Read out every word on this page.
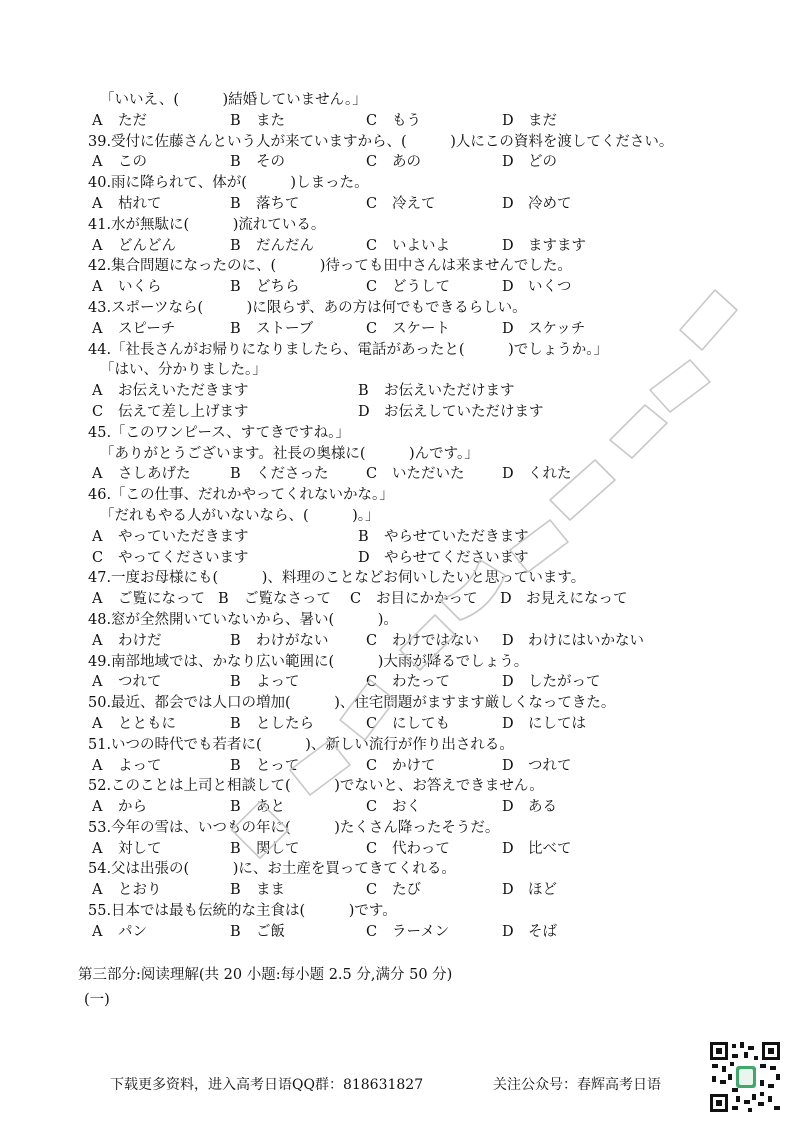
「いいえ、(　　　)結婚していません。」
A ただ	B また	C もう	D まだ
39.受付に佐藤さんという人が来ていますから、(　　　)人にこの資料を渡してください。
A この	B その	C あの	D どの
40.雨に降られて、体が(　　　)しまった。
A 枯れて	B 落ちて	C 冷えて	D 冷めて
41.水が無駄に(　　　)流れている。
A どんどん	B だんだん	C いよいよ	D ますます
42.集合問題になったのに、(　　　)待っても田中さんは来ませんでした。
A いくら	B どちら	C どうして	D いくつ
43.スポーツなら(　　　)に限らず、あの方は何でもできるらしい。
A スピーチ	B ストーブ	C スケート	D スケッチ
44.「社長さんがお帰りになりましたら、電話があったと(　　　)でしょうか。」
「はい、分かりました。」
A お伝えいただきます	B お伝えいただけます
C 伝えて差し上げます	D お伝えしていただけます
45.「このワンピース、すてきですね。」
「ありがとうございます。社長の奥様に(　　　)んです。」
A さしあげた	B くださった	C いただいた	D くれた
46.「この仕事、だれかやってくれないかな。」
「だれもやる人がいないなら、(　　　)。」
A やっていただきます	B やらせていただきます
C やってくださいます	D やらせてくださいます
47.一度お母様にも(　　　)、料理のことなどお伺いしたいと思っています。
A ご覧になって B ご覧なさって C お目にかかって D お見えになって
48.窓が全然開いていないから、暑い(　　　)。
A わけだ	B わけがない	C わけではない D わけにはいかない
49.南部地域では、かなり広い範囲に(　　　)大雨が降るでしょう。
A つれて	B よって	C わたって	D したがって
50.最近、都会では人口の増加(　　　)、住宅問題がますます厳しくなってきた。
A とともに	B としたら	C にしても	D にしては
51.いつの時代でも若者に(　　　)、新しい流行が作り出される。
A よって	B とって	C かけて	D つれて
52.このことは上司と相談して(　　　)でないと、お答えできません。
A から	B あと	C おく	D ある
53.今年の雪は、いつもの年に(　　　)たくさん降ったそうだ。
A 対して	B 関して	C 代わって	D 比べて
54.父は出張の(　　　)に、お土産を買ってきてくれる。
A とおり	B まま	C たび	D ほど
55.日本では最も伝統的な主食は(　　　)です。
A パン	B ご飯	C ラーメン	D そば
第三部分:阅读理解(共 20 小题:每小题 2.5 分,满分 50 分)
(一)
下载更多资料，进入高考日语QQ群：818631827	关注公众号：春辉高考日语
